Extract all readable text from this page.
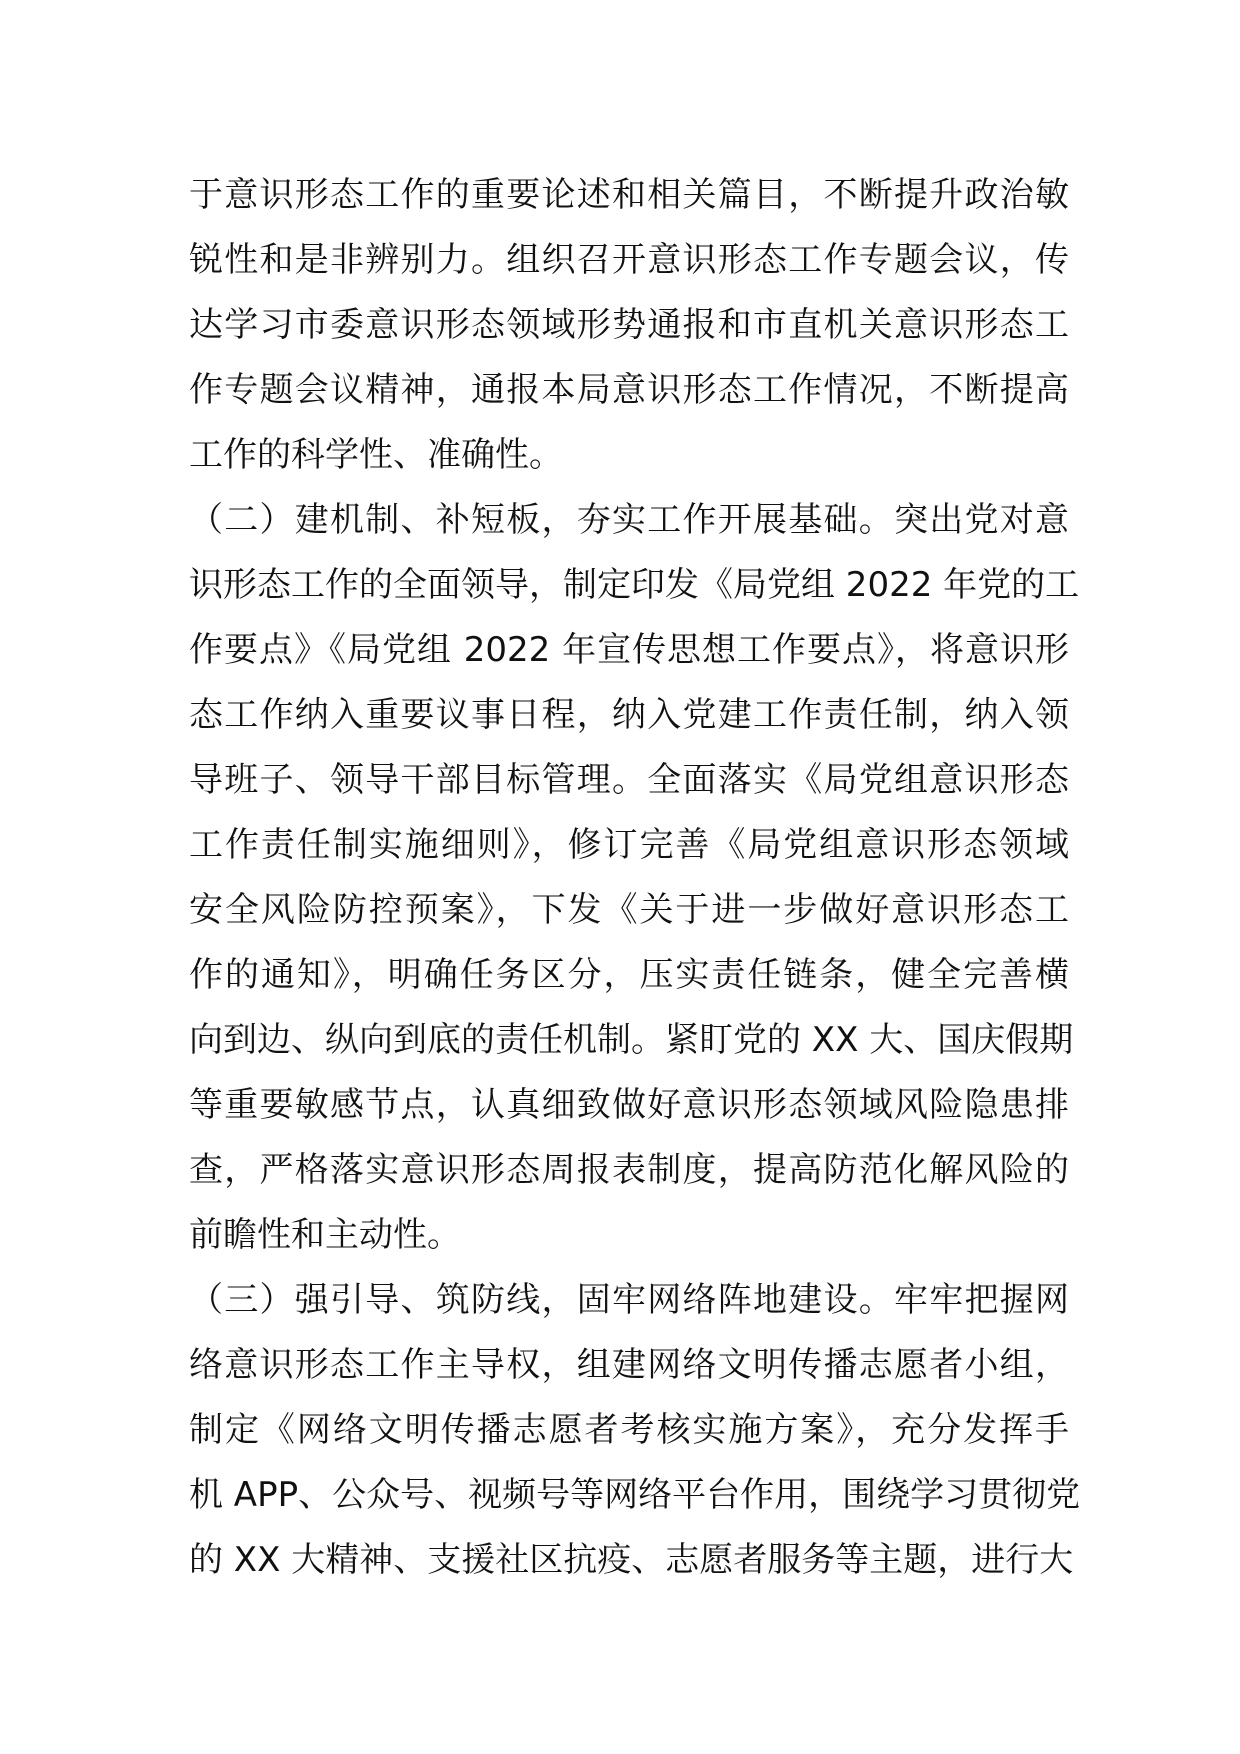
于意识形态工作的重要论述和相关篇目，不断提升政治敏
锐性和是非辨别力。组织召开意识形态工作专题会议，传
达学习市委意识形态领域形势通报和市直机关意识形态工
作专题会议精神，通报本局意识形态工作情况，不断提高
工作的科学性、准确性。
（二）建机制、补短板，夯实工作开展基础。突出党对意
识形态工作的全面领导，制定印发《局党组 2022 年党的工
作要点》《局党组 2022 年宣传思想工作要点》，将意识形
态工作纳入重要议事日程，纳入党建工作责任制，纳入领
导班子、领导干部目标管理。全面落实《局党组意识形态
工作责任制实施细则》，修订完善《局党组意识形态领域
安全风险防控预案》，下发《关于进一步做好意识形态工
作的通知》，明确任务区分，压实责任链条，健全完善横
向到边、纵向到底的责任机制。紧盯党的 XX 大、国庆假期
等重要敏感节点，认真细致做好意识形态领域风险隐患排
查，严格落实意识形态周报表制度，提高防范化解风险的
前瞻性和主动性。
（三）强引导、筑防线，固牢网络阵地建设。牢牢把握网
络意识形态工作主导权，组建网络文明传播志愿者小组，
制定《网络文明传播志愿者考核实施方案》，充分发挥手
机 APP、公众号、视频号等网络平台作用，围绕学习贯彻党
的 XX 大精神、支援社区抗疫、志愿者服务等主题，进行大
